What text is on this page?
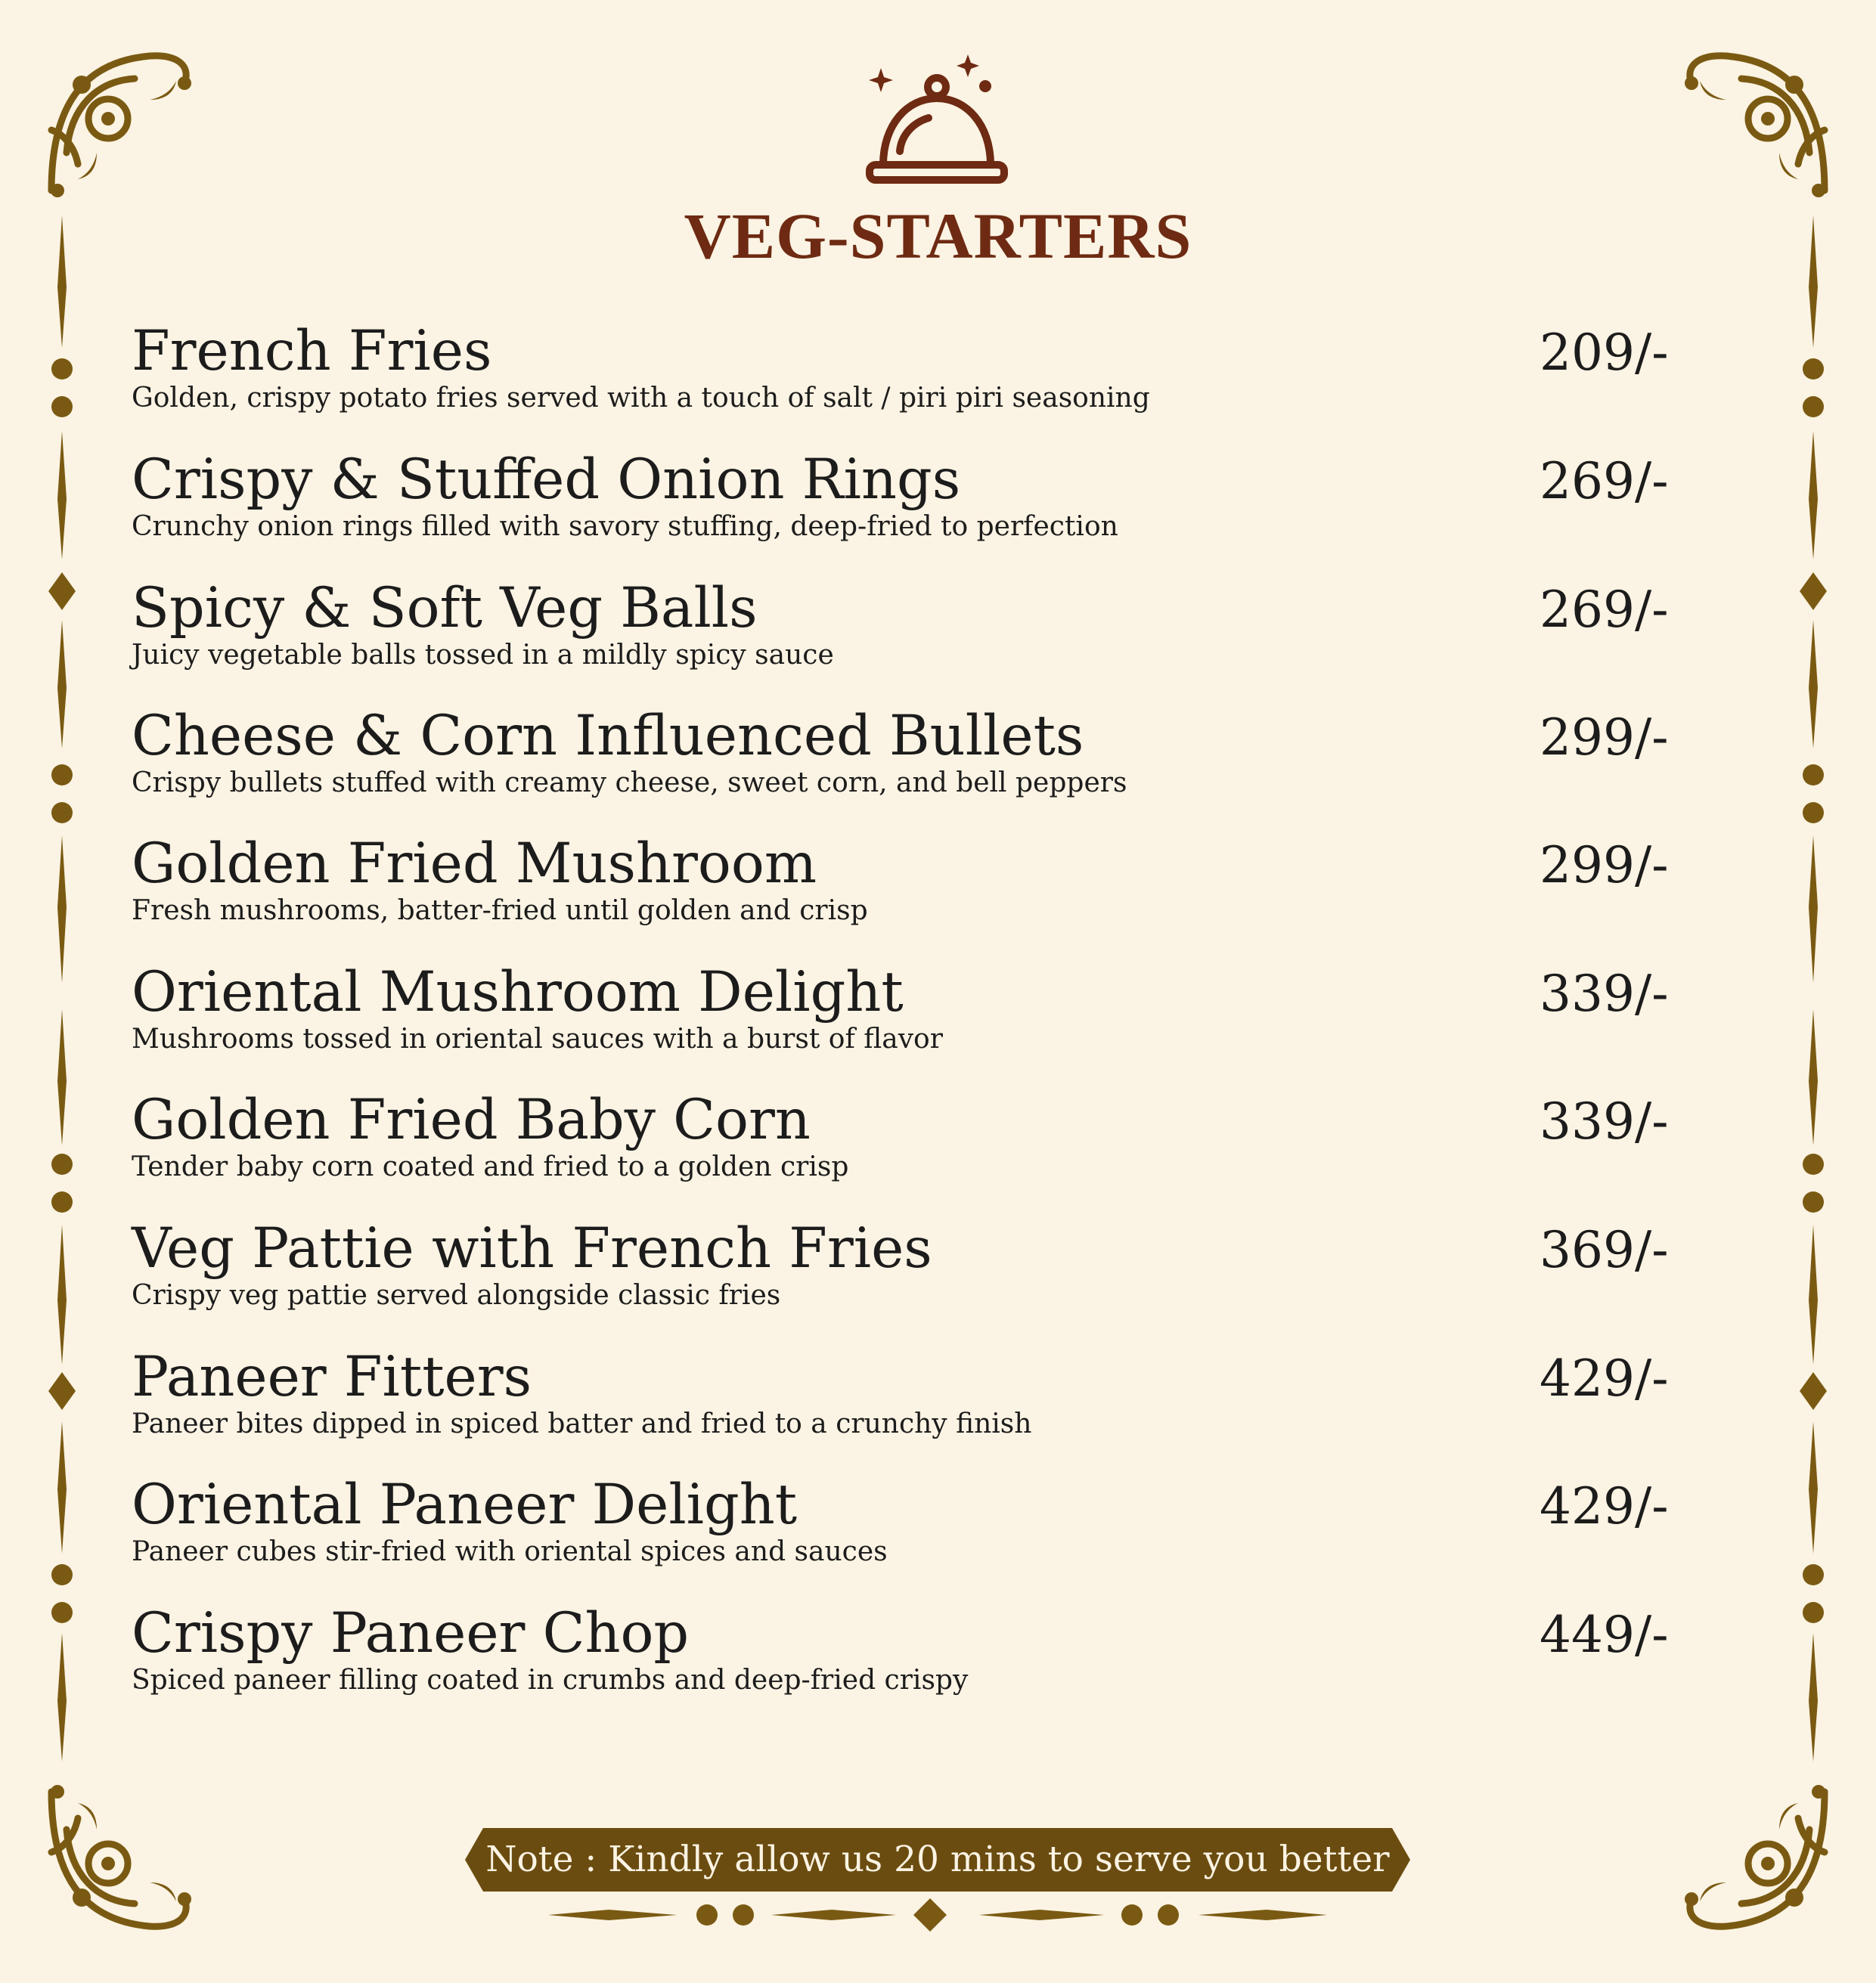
VEG-STARTERS
French Fries
Golden, crispy potato fries served with a touch of salt / piri piri seasoning
209/-
Crispy & Stuffed Onion Rings
Crunchy onion rings filled with savory stuffing, deep-fried to perfection
269/-
Spicy & Soft Veg Balls
Juicy vegetable balls tossed in a mildly spicy sauce
269/-
Cheese & Corn Influenced Bullets
Crispy bullets stuffed with creamy cheese, sweet corn, and bell peppers
299/-
Golden Fried Mushroom
Fresh mushrooms, batter-fried until golden and crisp
299/-
Oriental Mushroom Delight
Mushrooms tossed in oriental sauces with a burst of flavor
339/-
Golden Fried Baby Corn
Tender baby corn coated and fried to a golden crisp
339/-
Veg Pattie with French Fries
Crispy veg pattie served alongside classic fries
369/-
Paneer Fitters
Paneer bites dipped in spiced batter and fried to a crunchy finish
429/-
Oriental Paneer Delight
Paneer cubes stir-fried with oriental spices and sauces
429/-
Crispy Paneer Chop
Spiced paneer filling coated in crumbs and deep-fried crispy
449/-
Note : Kindly allow us 20 mins to serve you better
